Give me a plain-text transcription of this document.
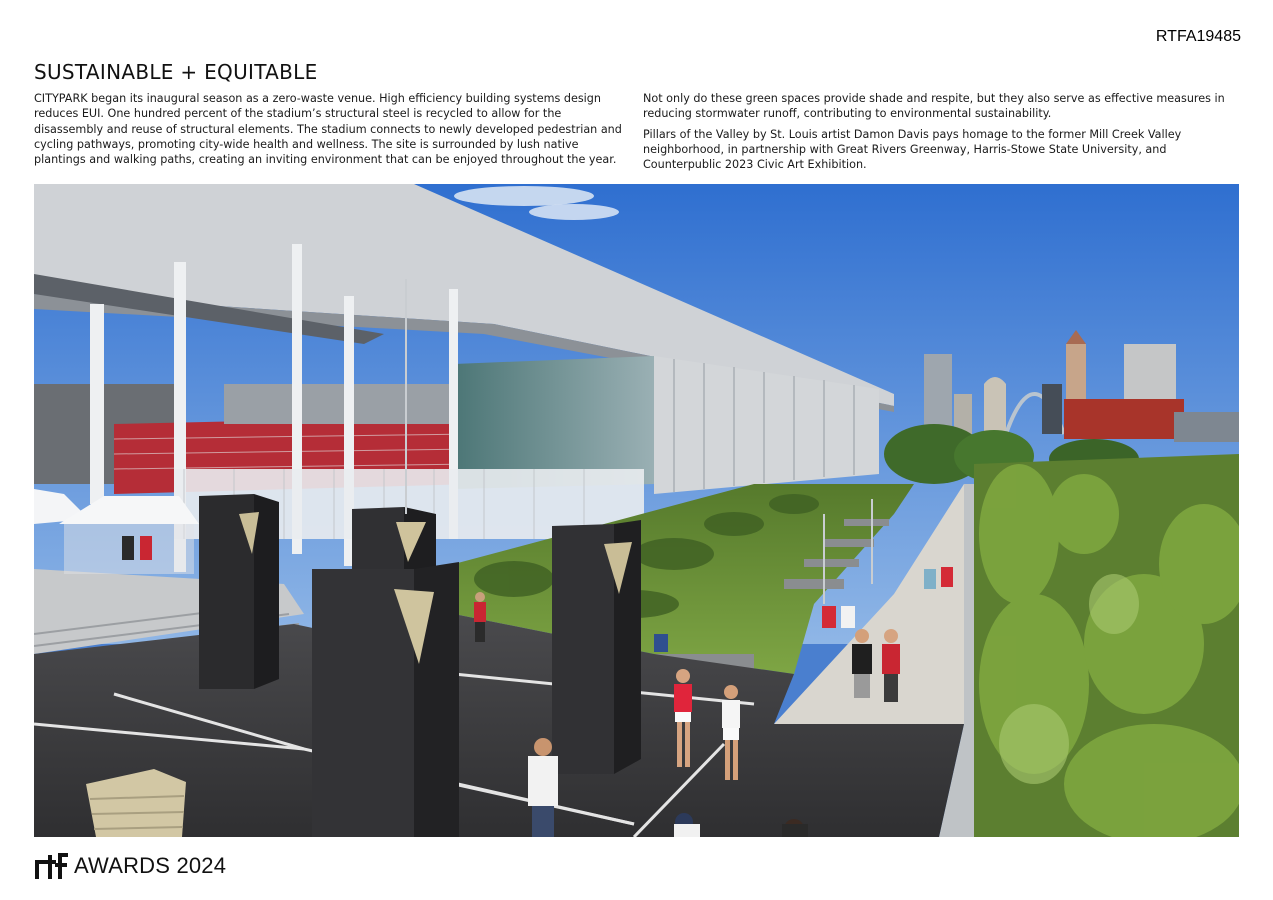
RTFA19485
SUSTAINABLE + EQUITABLE

CITYPARK began its inaugural season as a zero-waste venue. High efficiency building systems design reduces EUI. One hundred percent of the stadium’s structural steel is recycled to allow for the disassembly and reuse of structural elements. The stadium connects to newly developed pedestrian and cycling pathways, promoting city-wide health and wellness. The site is surrounded by lush native plantings and walking paths, creating an inviting environment that can be enjoyed throughout the year.

Not only do these green spaces provide shade and respite, but they also serve as effective measures in reducing stormwater runoff, contributing to environmental sustainability.

Pillars of the Valley by St. Louis artist Damon Davis pays homage to the former Mill Creek Valley neighborhood, in partnership with Great Rivers Greenway, Harris-Stowe State University, and Counterpublic 2023 Civic Art Exhibition.

AWARDS 2024
